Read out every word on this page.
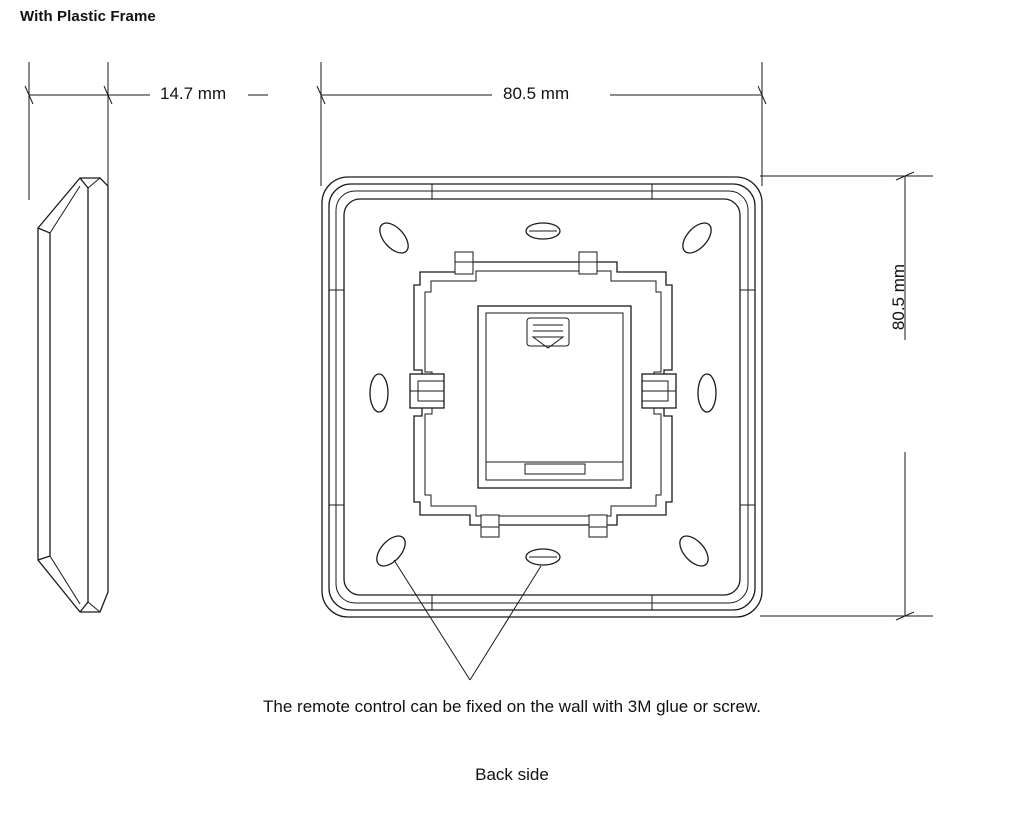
With Plastic Frame
14.7 mm	80.5 mm
80.5 mm
The remote control can be fixed on the wall with 3M glue or screw.
Back side
